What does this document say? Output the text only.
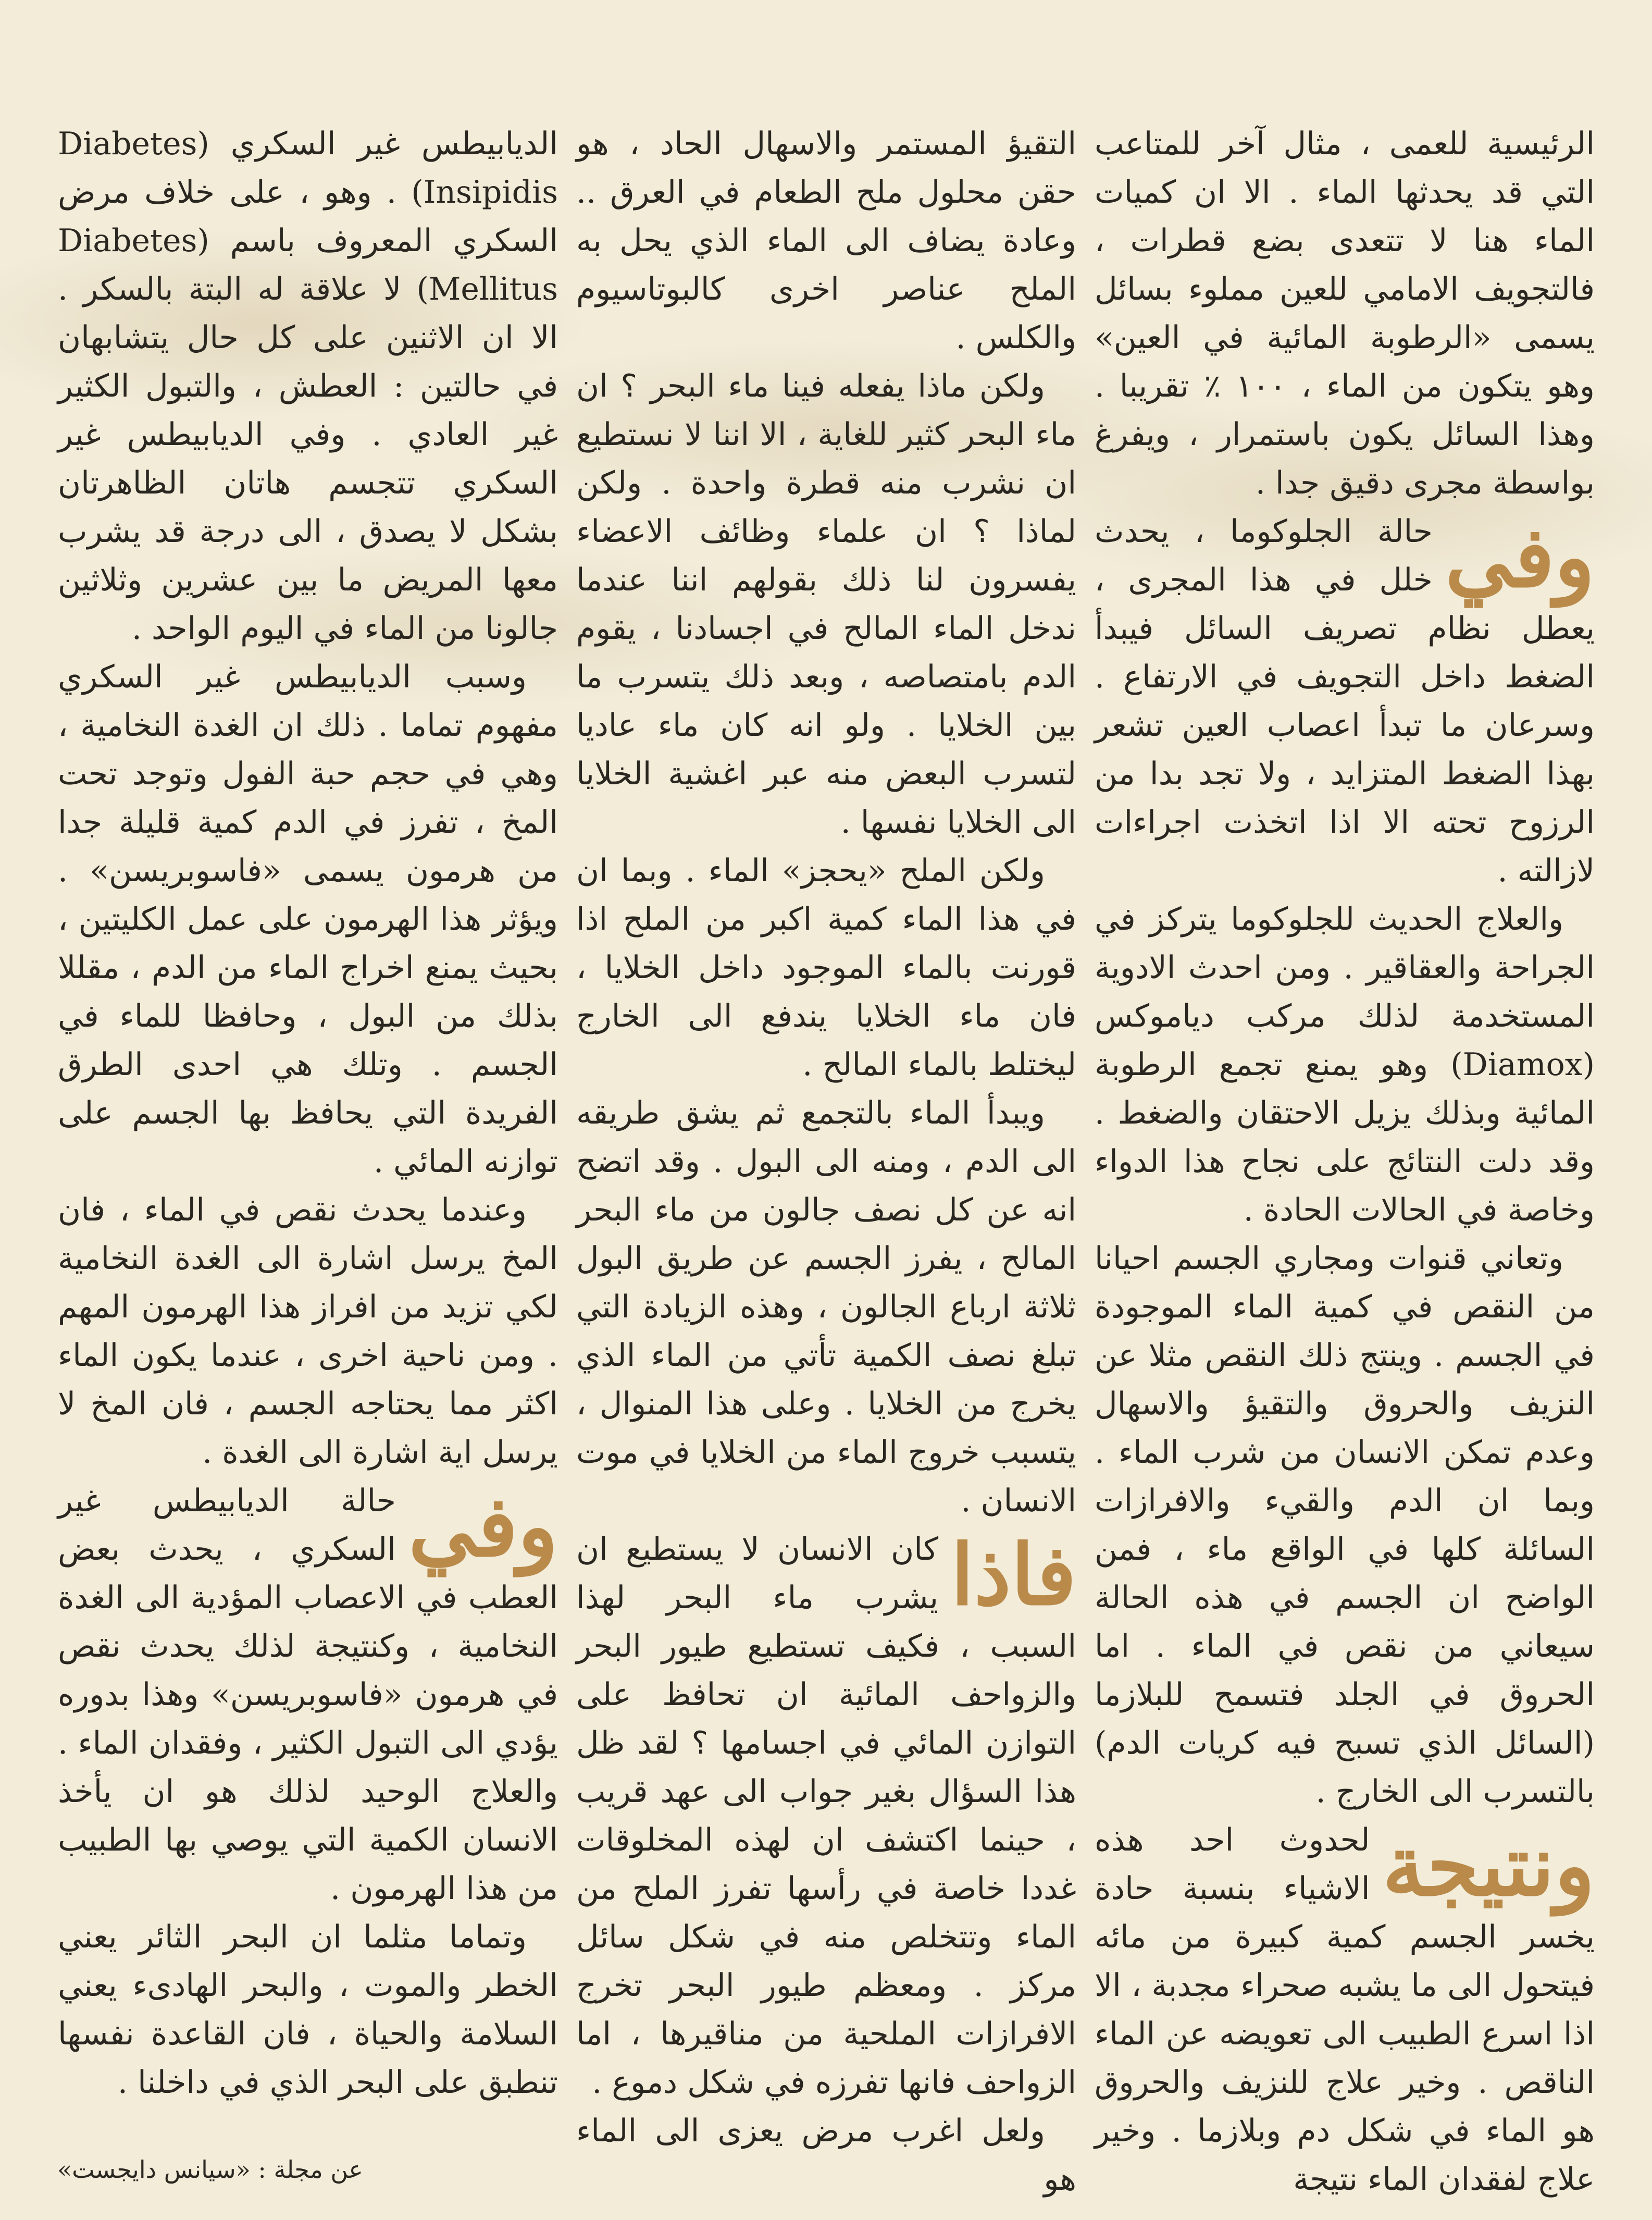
الرئيسية للعمى ، مثال آخر للمتاعب التي قد يحدثها الماء . الا ان كميات الماء هنا لا تتعدى بضع قطرات ، فالتجويف الامامي للعين مملوء بسائل يسمى «الرطوبة المائية في العين» وهو يتكون من الماء ، ١٠٠ ٪ تقريبا . وهذا السائل يكون باستمرار ، ويفرغ بواسطة مجرى دقيق جدا .

وفي
حالة الجلوكوما ، يحدث خلل في هذا المجرى ، يعطل نظام تصريف السائل فيبدأ الضغط داخل التجويف في الارتفاع . وسرعان ما تبدأ اعصاب العين تشعر بهذا الضغط المتزايد ، ولا تجد بدا من الرزوح تحته الا اذا اتخذت اجراءات لازالته .

والعلاج الحديث للجلوكوما يتركز في الجراحة والعقاقير . ومن احدث الادوية المستخدمة لذلك مركب دياموكس (Diamox) وهو يمنع تجمع الرطوبة المائية وبذلك يزيل الاحتقان والضغط . وقد دلت النتائج على نجاح هذا الدواء وخاصة في الحالات الحادة .

وتعاني قنوات ومجاري الجسم احيانا من النقص في كمية الماء الموجودة في الجسم . وينتج ذلك النقص مثلا عن النزيف والحروق والتقيؤ والاسهال وعدم تمكن الانسان من شرب الماء . وبما ان الدم والقيء والافرازات السائلة كلها في الواقع ماء ، فمن الواضح ان الجسم في هذه الحالة سيعاني من نقص في الماء . اما الحروق في الجلد فتسمح للبلازما (السائل الذي تسبح فيه كريات الدم) بالتسرب الى الخارج .

ونتيجة
لحدوث احد هذه الاشياء بنسبة حادة يخسر الجسم كمية كبيرة من مائه فيتحول الى ما يشبه صحراء مجدبة ، الا اذا اسرع الطبيب الى تعويضه عن الماء الناقص . وخير علاج للنزيف والحروق هو الماء في شكل دم وبلازما . وخير علاج لفقدان الماء نتيجة

التقيؤ المستمر والاسهال الحاد ، هو حقن محلول ملح الطعام في العرق .. وعادة يضاف الى الماء الذي يحل به الملح عناصر اخرى كالبوتاسيوم والكلس .

ولكن ماذا يفعله فينا ماء البحر ؟ ان ماء البحر كثير للغاية ، الا اننا لا نستطيع ان نشرب منه قطرة واحدة . ولكن لماذا ؟ ان علماء وظائف الاعضاء يفسرون لنا ذلك بقولهم اننا عندما ندخل الماء المالح في اجسادنا ، يقوم الدم بامتصاصه ، وبعد ذلك يتسرب ما بين الخلايا . ولو انه كان ماء عاديا لتسرب البعض منه عبر اغشية الخلايا الى الخلايا نفسها .

ولكن الملح «يحجز» الماء . وبما ان في هذا الماء كمية اكبر من الملح اذا قورنت بالماء الموجود داخل الخلايا ، فان ماء الخلايا يندفع الى الخارج ليختلط بالماء المالح .

ويبدأ الماء بالتجمع ثم يشق طريقه الى الدم ، ومنه الى البول . وقد اتضح انه عن كل نصف جالون من ماء البحر المالح ، يفرز الجسم عن طريق البول ثلاثة ارباع الجالون ، وهذه الزيادة التي تبلغ نصف الكمية تأتي من الماء الذي يخرج من الخلايا . وعلى هذا المنوال ، يتسبب خروج الماء من الخلايا في موت الانسان .

فاذا
كان الانسان لا يستطيع ان يشرب ماء البحر لهذا السبب ، فكيف تستطيع طيور البحر والزواحف المائية ان تحافظ على التوازن المائي في اجسامها ؟ لقد ظل هذا السؤال بغير جواب الى عهد قريب ، حينما اكتشف ان لهذه المخلوقات غددا خاصة في رأسها تفرز الملح من الماء وتتخلص منه في شكل سائل مركز . ومعظم طيور البحر تخرج الافرازات الملحية من مناقيرها ، اما الزواحف فانها تفرزه في شكل دموع .

ولعل اغرب مرض يعزى الى الماء هو

الديابيطس غير السكري (Diabetes Insipidis) . وهو ، على خلاف مرض السكري المعروف باسم (Diabetes Mellitus) لا علاقة له البتة بالسكر . الا ان الاثنين على كل حال يتشابهان في حالتين : العطش ، والتبول الكثير غير العادي . وفي الديابيطس غير السكري تتجسم هاتان الظاهرتان بشكل لا يصدق ، الى درجة قد يشرب معها المريض ما بين عشرين وثلاثين جالونا من الماء في اليوم الواحد .

وسبب الديابيطس غير السكري مفهوم تماما . ذلك ان الغدة النخامية ، وهي في حجم حبة الفول وتوجد تحت المخ ، تفرز في الدم كمية قليلة جدا من هرمون يسمى «فاسوبريسن» . ويؤثر هذا الهرمون على عمل الكليتين ، بحيث يمنع اخراج الماء من الدم ، مقللا بذلك من البول ، وحافظا للماء في الجسم . وتلك هي احدى الطرق الفريدة التي يحافظ بها الجسم على توازنه المائي .

وعندما يحدث نقص في الماء ، فان المخ يرسل اشارة الى الغدة النخامية لكي تزيد من افراز هذا الهرمون المهم . ومن ناحية اخرى ، عندما يكون الماء اكثر مما يحتاجه الجسم ، فان المخ لا يرسل اية اشارة الى الغدة .

وفي
حالة الديابيطس غير السكري ، يحدث بعض العطب في الاعصاب المؤدية الى الغدة النخامية ، وكنتيجة لذلك يحدث نقص في هرمون «فاسوبريسن» وهذا بدوره يؤدي الى التبول الكثير ، وفقدان الماء . والعلاج الوحيد لذلك هو ان يأخذ الانسان الكمية التي يوصي بها الطبيب من هذا الهرمون .

وتماما مثلما ان البحر الثائر يعني الخطر والموت ، والبحر الهادىء يعني السلامة والحياة ، فان القاعدة نفسها تنطبق على البحر الذي في داخلنا .

عن مجلة : «سيانس دايجست»
